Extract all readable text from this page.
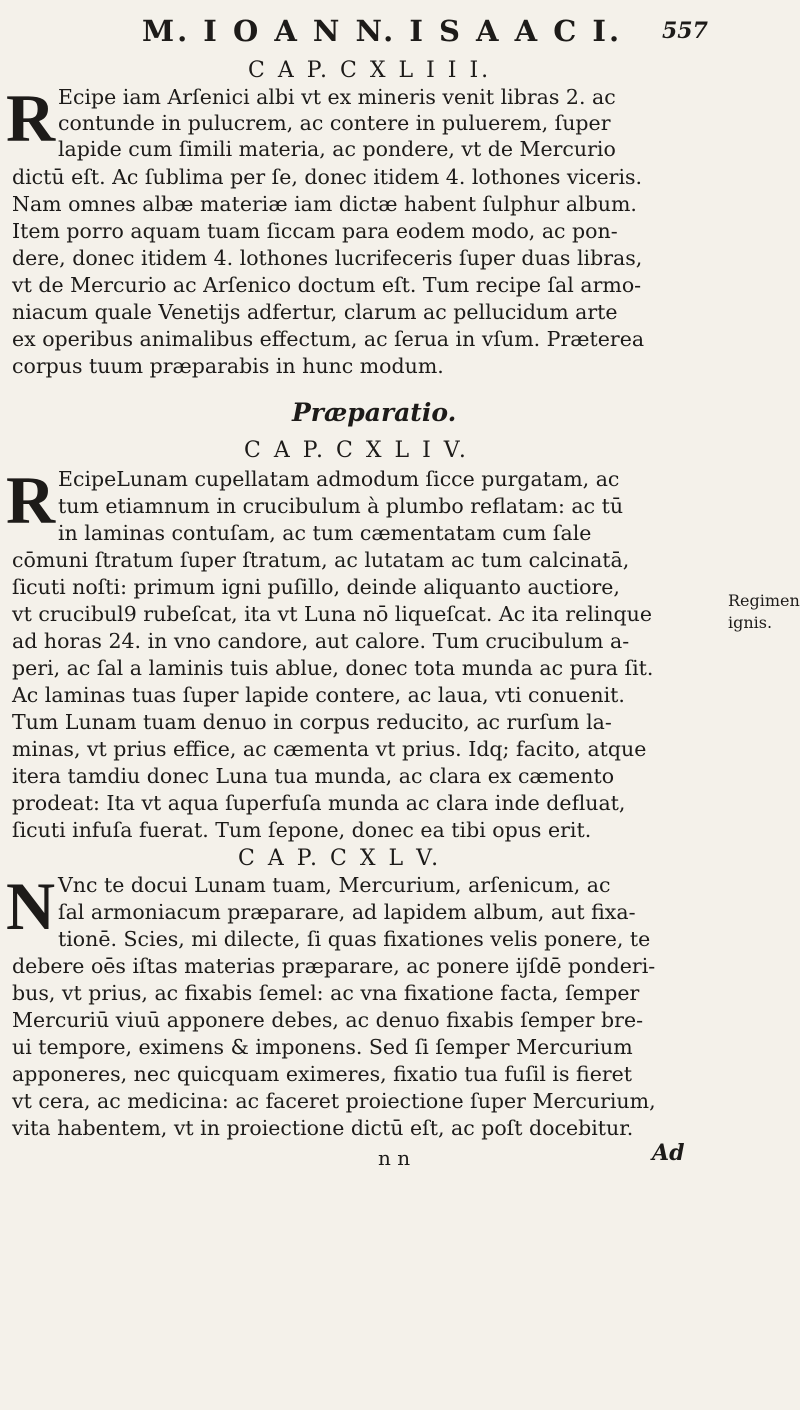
M. I O A N N. I S A A C I. 557
C A P. C X L I I I.
R Ecipe iam Arſenici albi vt ex mineris venit libras 2. ac
contunde in pulucrem, ac contere in puluerem, ſuper
lapide cum ſimili materia, ac pondere, vt de Mercurio
dictū eſt. Ac ſublima per ſe, donec itidem 4. lothones viceris.
Nam omnes albæ materiæ iam dictæ habent ſulphur album.
Item porro aquam tuam ſiccam para eodem modo, ac pon-
dere, donec itidem 4. lothones lucrifeceris ſuper duas libras,
vt de Mercurio ac Arſenico doctum eſt. Tum recipe ſal armo-
niacum quale Venetijs adfertur, clarum ac pellucidum arte
ex operibus animalibus effectum, ac ſerua in vſum. Præterea
corpus tuum præparabis in hunc modum.
Præparatio.
C A P. C X L I V.
R EcipeLunam cupellatam admodum ſicce purgatam, ac
tum etiamnum in crucibulum à plumbo reflatam: ac tū
in laminas contuſam, ac tum cæmentatam cum ſale
cōmuni ſtratum ſuper ſtratum, ac lutatam ac tum calcinatā,
ſicuti noſti: primum igni puſillo, deinde aliquanto auctiore,
vt crucibul9 rubeſcat, ita vt Luna nō liqueſcat. Ac ita relinque
ad horas 24. in vno candore, aut calore. Tum crucibulum a-
peri, ac ſal a laminis tuis ablue, donec tota munda ac pura ſit.
Ac laminas tuas ſuper lapide contere, ac laua, vti conuenit.
Tum Lunam tuam denuo in corpus reducito, ac rurſum la-
minas, vt prius effice, ac cæmenta vt prius. Idq; facito, atque
itera tamdiu donec Luna tua munda, ac clara ex cæmento
prodeat: Ita vt aqua ſuperfuſa munda ac clara inde defluat,
ſicuti infuſa fuerat. Tum ſepone, donec ea tibi opus erit.
Regimen
ignis.
C A P. C X L V.
N Vnc te docui Lunam tuam, Mercurium, arſenicum, ac
ſal armoniacum præparare, ad lapidem album, aut fixa-
tionē. Scies, mi dilecte, ſi quas fixationes velis ponere, te
debere oēs iſtas materias præparare, ac ponere ijſdē ponderi-
bus, vt prius, ac fixabis ſemel: ac vna fixatione facta, ſemper
Mercuriū viuū apponere debes, ac denuo fixabis ſemper bre-
ui tempore, eximens & imponens. Sed ſi ſemper Mercurium
apponeres, nec quicquam eximeres, fixatio tua fuſil is fieret
vt cera, ac medicina: ac faceret proiectione ſuper Mercurium,
vita habentem, vt in proiectione dictū eſt, ac poſt docebitur.
n n	Ad
